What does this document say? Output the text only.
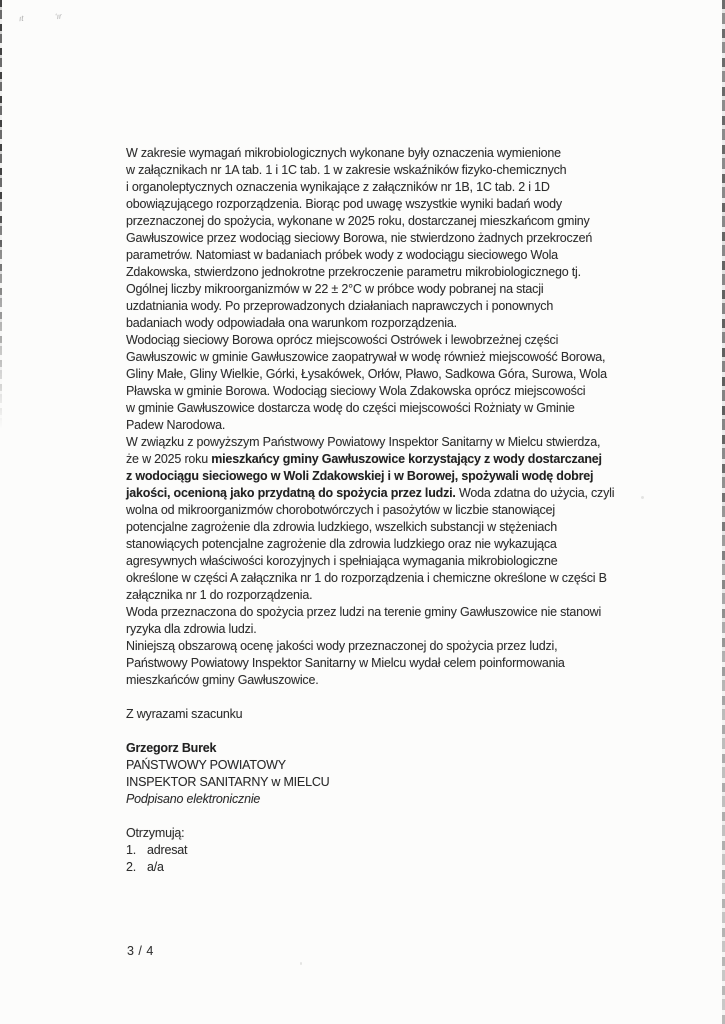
ıt	ʻır
W zakresie wymagań mikrobiologicznych wykonane były oznaczenia wymienione
w załącznikach nr 1A tab. 1 i 1C tab. 1 w zakresie wskaźników fizyko-chemicznych
i organoleptycznych oznaczenia wynikające z załączników nr 1B, 1C tab. 2 i 1D
obowiązującego rozporządzenia. Biorąc pod uwagę wszystkie wyniki badań wody
przeznaczonej do spożycia, wykonane w 2025 roku, dostarczanej mieszkańcom gminy
Gawłuszowice przez wodociąg sieciowy Borowa, nie stwierdzono żadnych przekroczeń
parametrów. Natomiast w badaniach próbek wody z wodociągu sieciowego Wola
Zdakowska, stwierdzono jednokrotne przekroczenie parametru mikrobiologicznego tj.
Ogólnej liczby mikroorganizmów w 22 ± 2°C w próbce wody pobranej na stacji
uzdatniania wody. Po przeprowadzonych działaniach naprawczych i ponownych
badaniach wody odpowiadała ona warunkom rozporządzenia.
Wodociąg sieciowy Borowa oprócz miejscowości Ostrówek i lewobrzeżnej części
Gawłuszowic w gminie Gawłuszowice zaopatrywał w wodę również miejscowość Borowa,
Gliny Małe, Gliny Wielkie, Górki, Łysakówek, Orłów, Pławo, Sadkowa Góra, Surowa, Wola
Pławska w gminie Borowa. Wodociąg sieciowy Wola Zdakowska oprócz miejscowości
w gminie Gawłuszowice dostarcza wodę do części miejscowości Rożniaty w Gminie
Padew Narodowa.
W związku z powyższym Państwowy Powiatowy Inspektor Sanitarny w Mielcu stwierdza,
że w 2025 roku mieszkańcy gminy Gawłuszowice korzystający z wody dostarczanej
z wodociągu sieciowego w Woli Zdakowskiej i w Borowej, spożywali wodę dobrej
jakości, ocenioną jako przydatną do spożycia przez ludzi. Woda zdatna do użycia, czyli
wolna od mikroorganizmów chorobotwórczych i pasożytów w liczbie stanowiącej
potencjalne zagrożenie dla zdrowia ludzkiego, wszelkich substancji w stężeniach
stanowiących potencjalne zagrożenie dla zdrowia ludzkiego oraz nie wykazująca
agresywnych właściwości korozyjnych i spełniająca wymagania mikrobiologiczne
określone w części A załącznika nr 1 do rozporządzenia i chemiczne określone w części B
załącznika nr 1 do rozporządzenia.
Woda przeznaczona do spożycia przez ludzi na terenie gminy Gawłuszowice nie stanowi
ryzyka dla zdrowia ludzi.
Niniejszą obszarową ocenę jakości wody przeznaczonej do spożycia przez ludzi,
Państwowy Powiatowy Inspektor Sanitarny w Mielcu wydał celem poinformowania
mieszkańców gminy Gawłuszowice.
Z wyrazami szacunku
Grzegorz Burek
PAŃSTWOWY POWIATOWY
INSPEKTOR SANITARNY w MIELCU
Podpisano elektronicznie
Otrzymują:
1. adresat
2. a/a
3 / 4
